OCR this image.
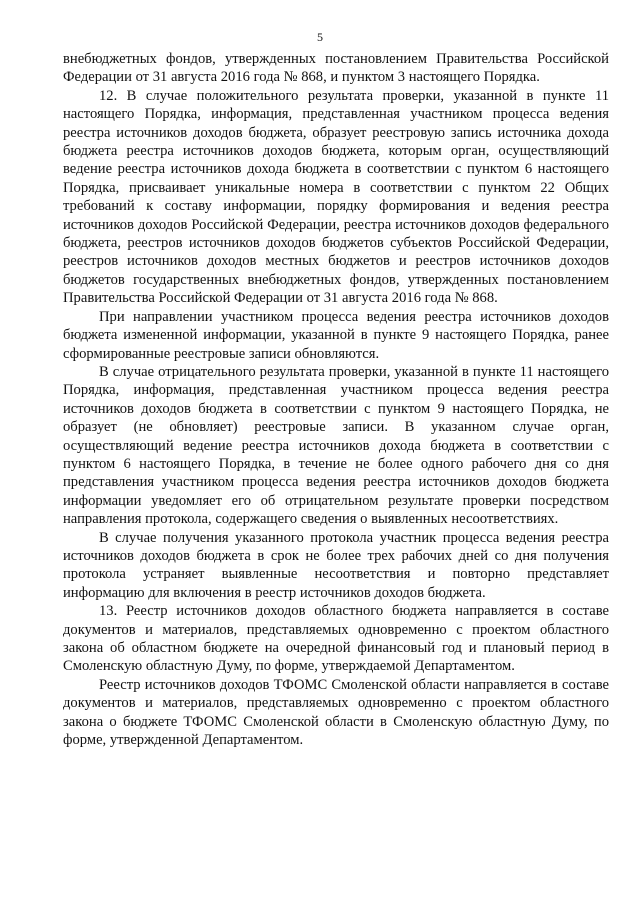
5

внебюджетных фондов, утвержденных постановлением Правительства Российской Федерации от 31 августа 2016 года № 868, и пунктом 3 настоящего Порядка.

12. В случае положительного результата проверки, указанной в пункте 11 настоящего Порядка, информация, представленная участником процесса ведения реестра источников доходов бюджета, образует реестровую запись источника дохода бюджета реестра источников доходов бюджета, которым орган, осуществляющий ведение реестра источников дохода бюджета в соответствии с пунктом 6 настоящего Порядка, присваивает уникальные номера в соответствии с пунктом 22 Общих требований к составу информации, порядку формирования и ведения реестра источников доходов Российской Федерации, реестра источников доходов федерального бюджета, реестров источников доходов бюджетов субъектов Российской Федерации, реестров источников доходов местных бюджетов и реестров источников доходов бюджетов государственных внебюджетных фондов, утвержденных постановлением Правительства Российской Федерации от 31 августа 2016 года № 868.

При направлении участником процесса ведения реестра источников доходов бюджета измененной информации, указанной в пункте 9 настоящего Порядка, ранее сформированные реестровые записи обновляются.

В случае отрицательного результата проверки, указанной в пункте 11 настоящего Порядка, информация, представленная участником процесса ведения реестра источников доходов бюджета в соответствии с пунктом 9 настоящего Порядка, не образует (не обновляет) реестровые записи. В указанном случае орган, осуществляющий ведение реестра источников дохода бюджета в соответствии с пунктом 6 настоящего Порядка, в течение не более одного рабочего дня со дня представления участником процесса ведения реестра источников доходов бюджета информации уведомляет его об отрицательном результате проверки посредством направления протокола, содержащего сведения о выявленных несоответствиях.

В случае получения указанного протокола участник процесса ведения реестра источников доходов бюджета в срок не более трех рабочих дней со дня получения протокола устраняет выявленные несоответствия и повторно представляет информацию для включения в реестр источников доходов бюджета.

13. Реестр источников доходов областного бюджета направляется в составе документов и материалов, представляемых одновременно с проектом областного закона об областном бюджете на очередной финансовый год и плановый период в Смоленскую областную Думу, по форме, утверждаемой Департаментом.

Реестр источников доходов ТФОМС Смоленской области направляется в составе документов и материалов, представляемых одновременно с проектом областного закона о бюджете ТФОМС Смоленской области в Смоленскую областную Думу, по форме, утвержденной Департаментом.
